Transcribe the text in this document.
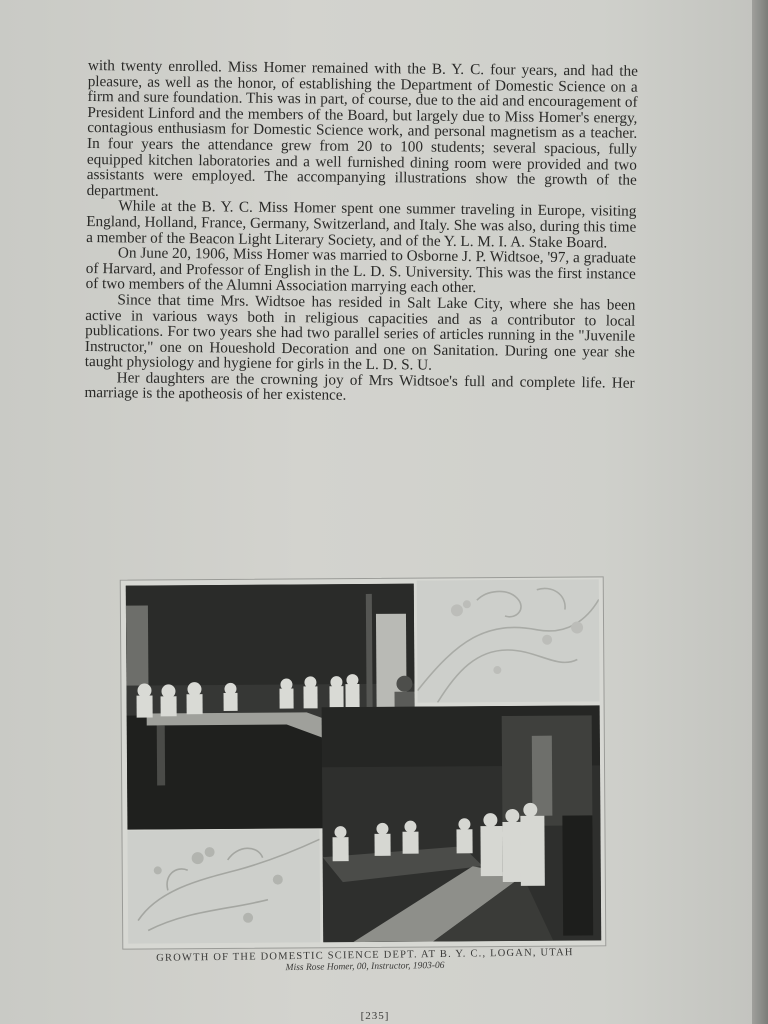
with twenty enrolled. Miss Homer remained with the B. Y. C. four years, and had the pleasure, as well as the honor, of establishing the Department of Domestic Science on a firm and sure foundation. This was in part, of course, due to the aid and encouragement of President Linford and the members of the Board, but largely due to Miss Homer's energy, contagious enthusiasm for Domestic Science work, and personal magnetism as a teacher. In four years the attendance grew from 20 to 100 students; several spacious, fully equipped kitchen laboratories and a well furnished dining room were provided and two assistants were employed. The accompanying illustrations show the growth of the department.

While at the B. Y. C. Miss Homer spent one summer traveling in Europe, visiting England, Holland, France, Germany, Switzerland, and Italy. She was also, during this time a member of the Beacon Light Literary Society, and of the Y. L. M. I. A. Stake Board.

On June 20, 1906, Miss Homer was married to Osborne J. P. Widtsoe, '97, a graduate of Harvard, and Professor of English in the L. D. S. University. This was the first instance of two members of the Alumni Association marrying each other.

Since that time Mrs. Widtsoe has resided in Salt Lake City, where she has been active in various ways both in religious capacities and as a contributor to local publications. For two years she had two parallel series of articles running in the "Juvenile Instructor," one on Houeshold Decoration and one on Sanitation. During one year she taught physiology and hygiene for girls in the L. D. S. U.

Her daughters are the crowning joy of Mrs Widtsoe's full and complete life. Her marriage is the apotheosis of her existence.

GROWTH OF THE DOMESTIC SCIENCE DEPT. AT B. Y. C., LOGAN, UTAH
Miss Rose Homer, 00, Instructor, 1903-06
[235]
